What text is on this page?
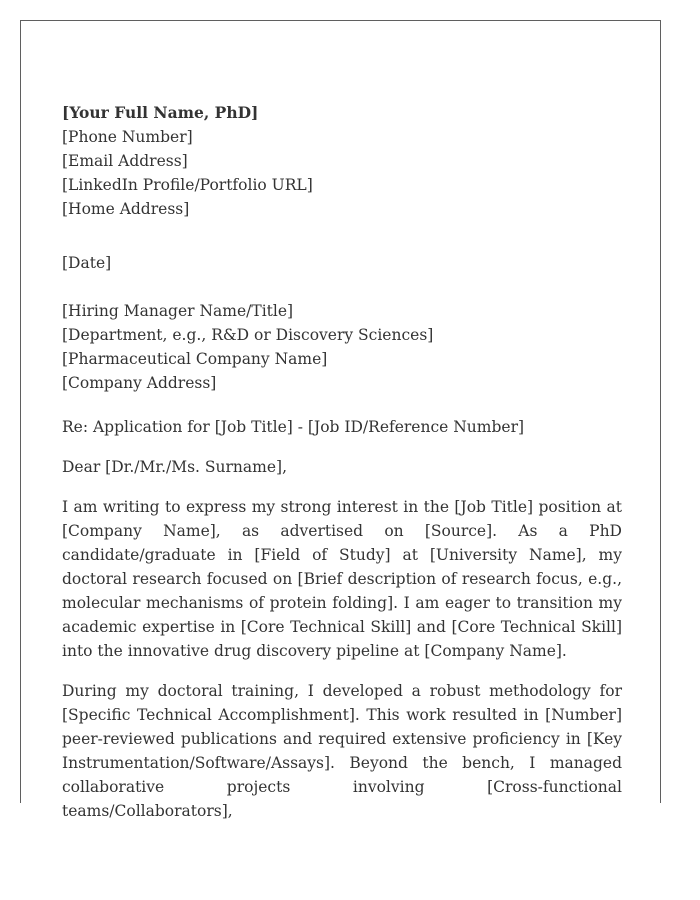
[Your Full Name, PhD]
[Phone Number]
[Email Address]
[LinkedIn Profile/Portfolio URL]
[Home Address]
[Date]
[Hiring Manager Name/Title]
[Department, e.g., R&D or Discovery Sciences]
[Pharmaceutical Company Name]
[Company Address]
Re: Application for [Job Title] - [Job ID/Reference Number]
Dear [Dr./Mr./Ms. Surname],

I am writing to express my strong interest in the [Job Title] position at [Company Name], as advertised on [Source]. As a PhD candidate/graduate in [Field of Study] at [University Name], my doctoral research focused on [Brief description of research focus, e.g., molecular mechanisms of protein folding]. I am eager to transition my academic expertise in [Core Technical Skill] and [Core Technical Skill] into the innovative drug discovery pipeline at [Company Name].

During my doctoral training, I developed a robust methodology for [Specific Technical Accomplishment]. This work resulted in [Number] peer-reviewed publications and required extensive proficiency in [Key Instrumentation/Software/Assays]. Beyond the bench, I managed collaborative projects involving [Cross-functional teams/Collaborators],
